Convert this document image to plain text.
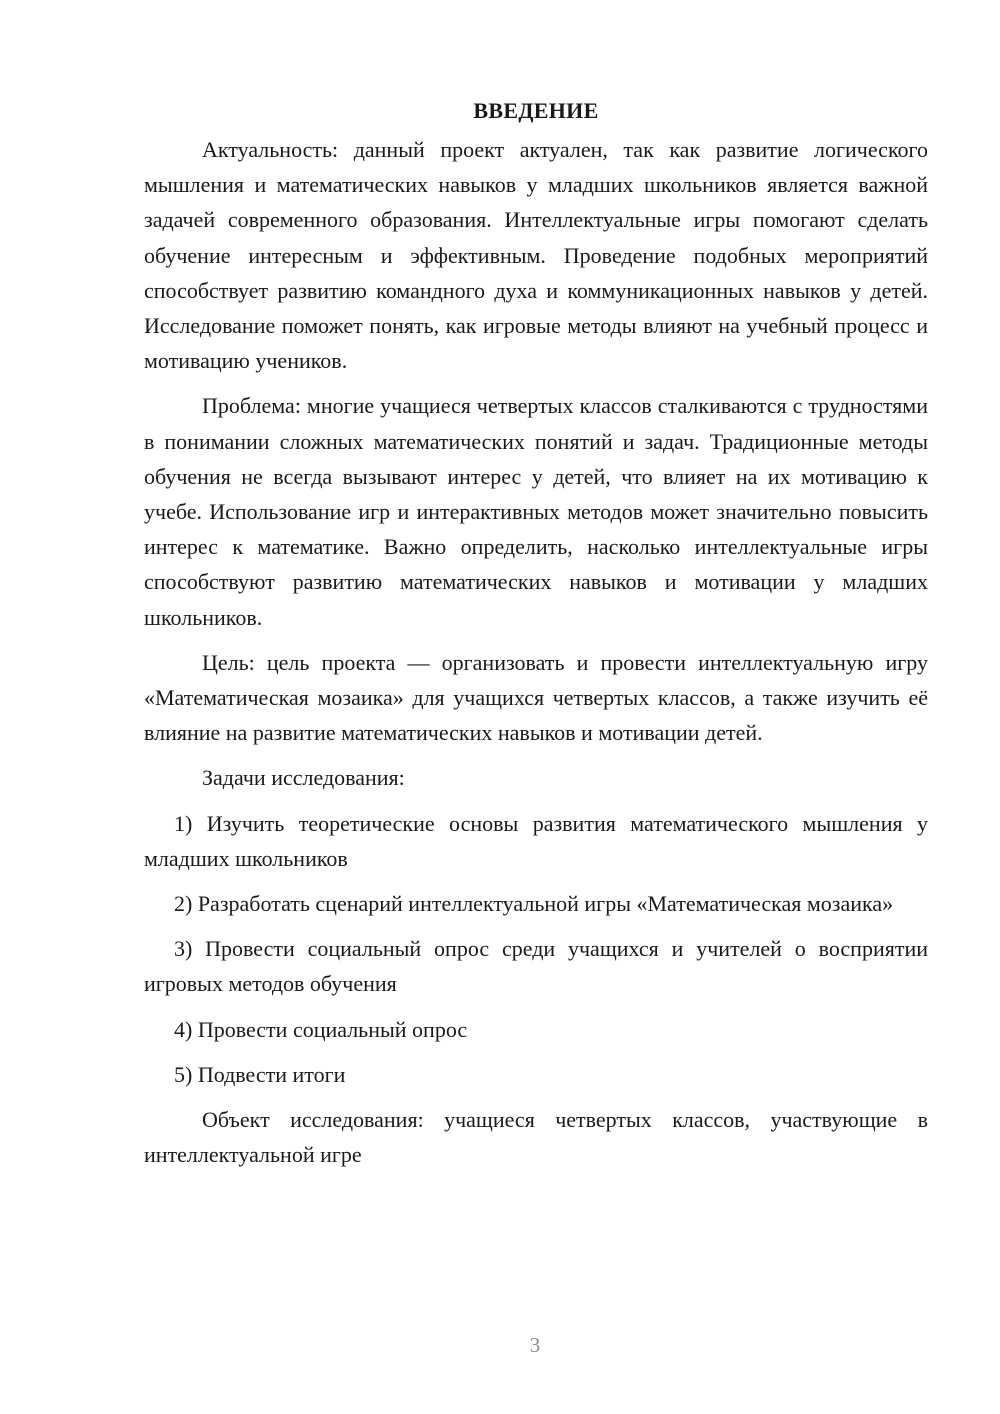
ВВЕДЕНИЕ

Актуальность: данный проект актуален, так как развитие логического мышления и математических навыков у младших школьников является важной задачей современного образования. Интеллектуальные игры помогают сделать обучение интересным и эффективным. Проведение подобных мероприятий способствует развитию командного духа и коммуникационных навыков у детей. Исследование поможет понять, как игровые методы влияют на учебный процесс и мотивацию учеников.

Проблема: многие учащиеся четвертых классов сталкиваются с трудностями в понимании сложных математических понятий и задач. Традиционные методы обучения не всегда вызывают интерес у детей, что влияет на их мотивацию к учебе. Использование игр и интерактивных методов может значительно повысить интерес к математике. Важно определить, насколько интеллектуальные игры способствуют развитию математических навыков и мотивации у младших школьников.

Цель: цель проекта — организовать и провести интеллектуальную игру «Математическая мозаика» для учащихся четвертых классов, а также изучить её влияние на развитие математических навыков и мотивации детей.

Задачи исследования:

1) Изучить теоретические основы развития математического мышления у младших школьников

2) Разработать сценарий интеллектуальной игры «Математическая мозаика»

3) Провести социальный опрос среди учащихся и учителей о восприятии игровых методов обучения

4) Провести социальный опрос

5) Подвести итоги

Объект исследования: учащиеся четвертых классов, участвующие в интеллектуальной игре

3
